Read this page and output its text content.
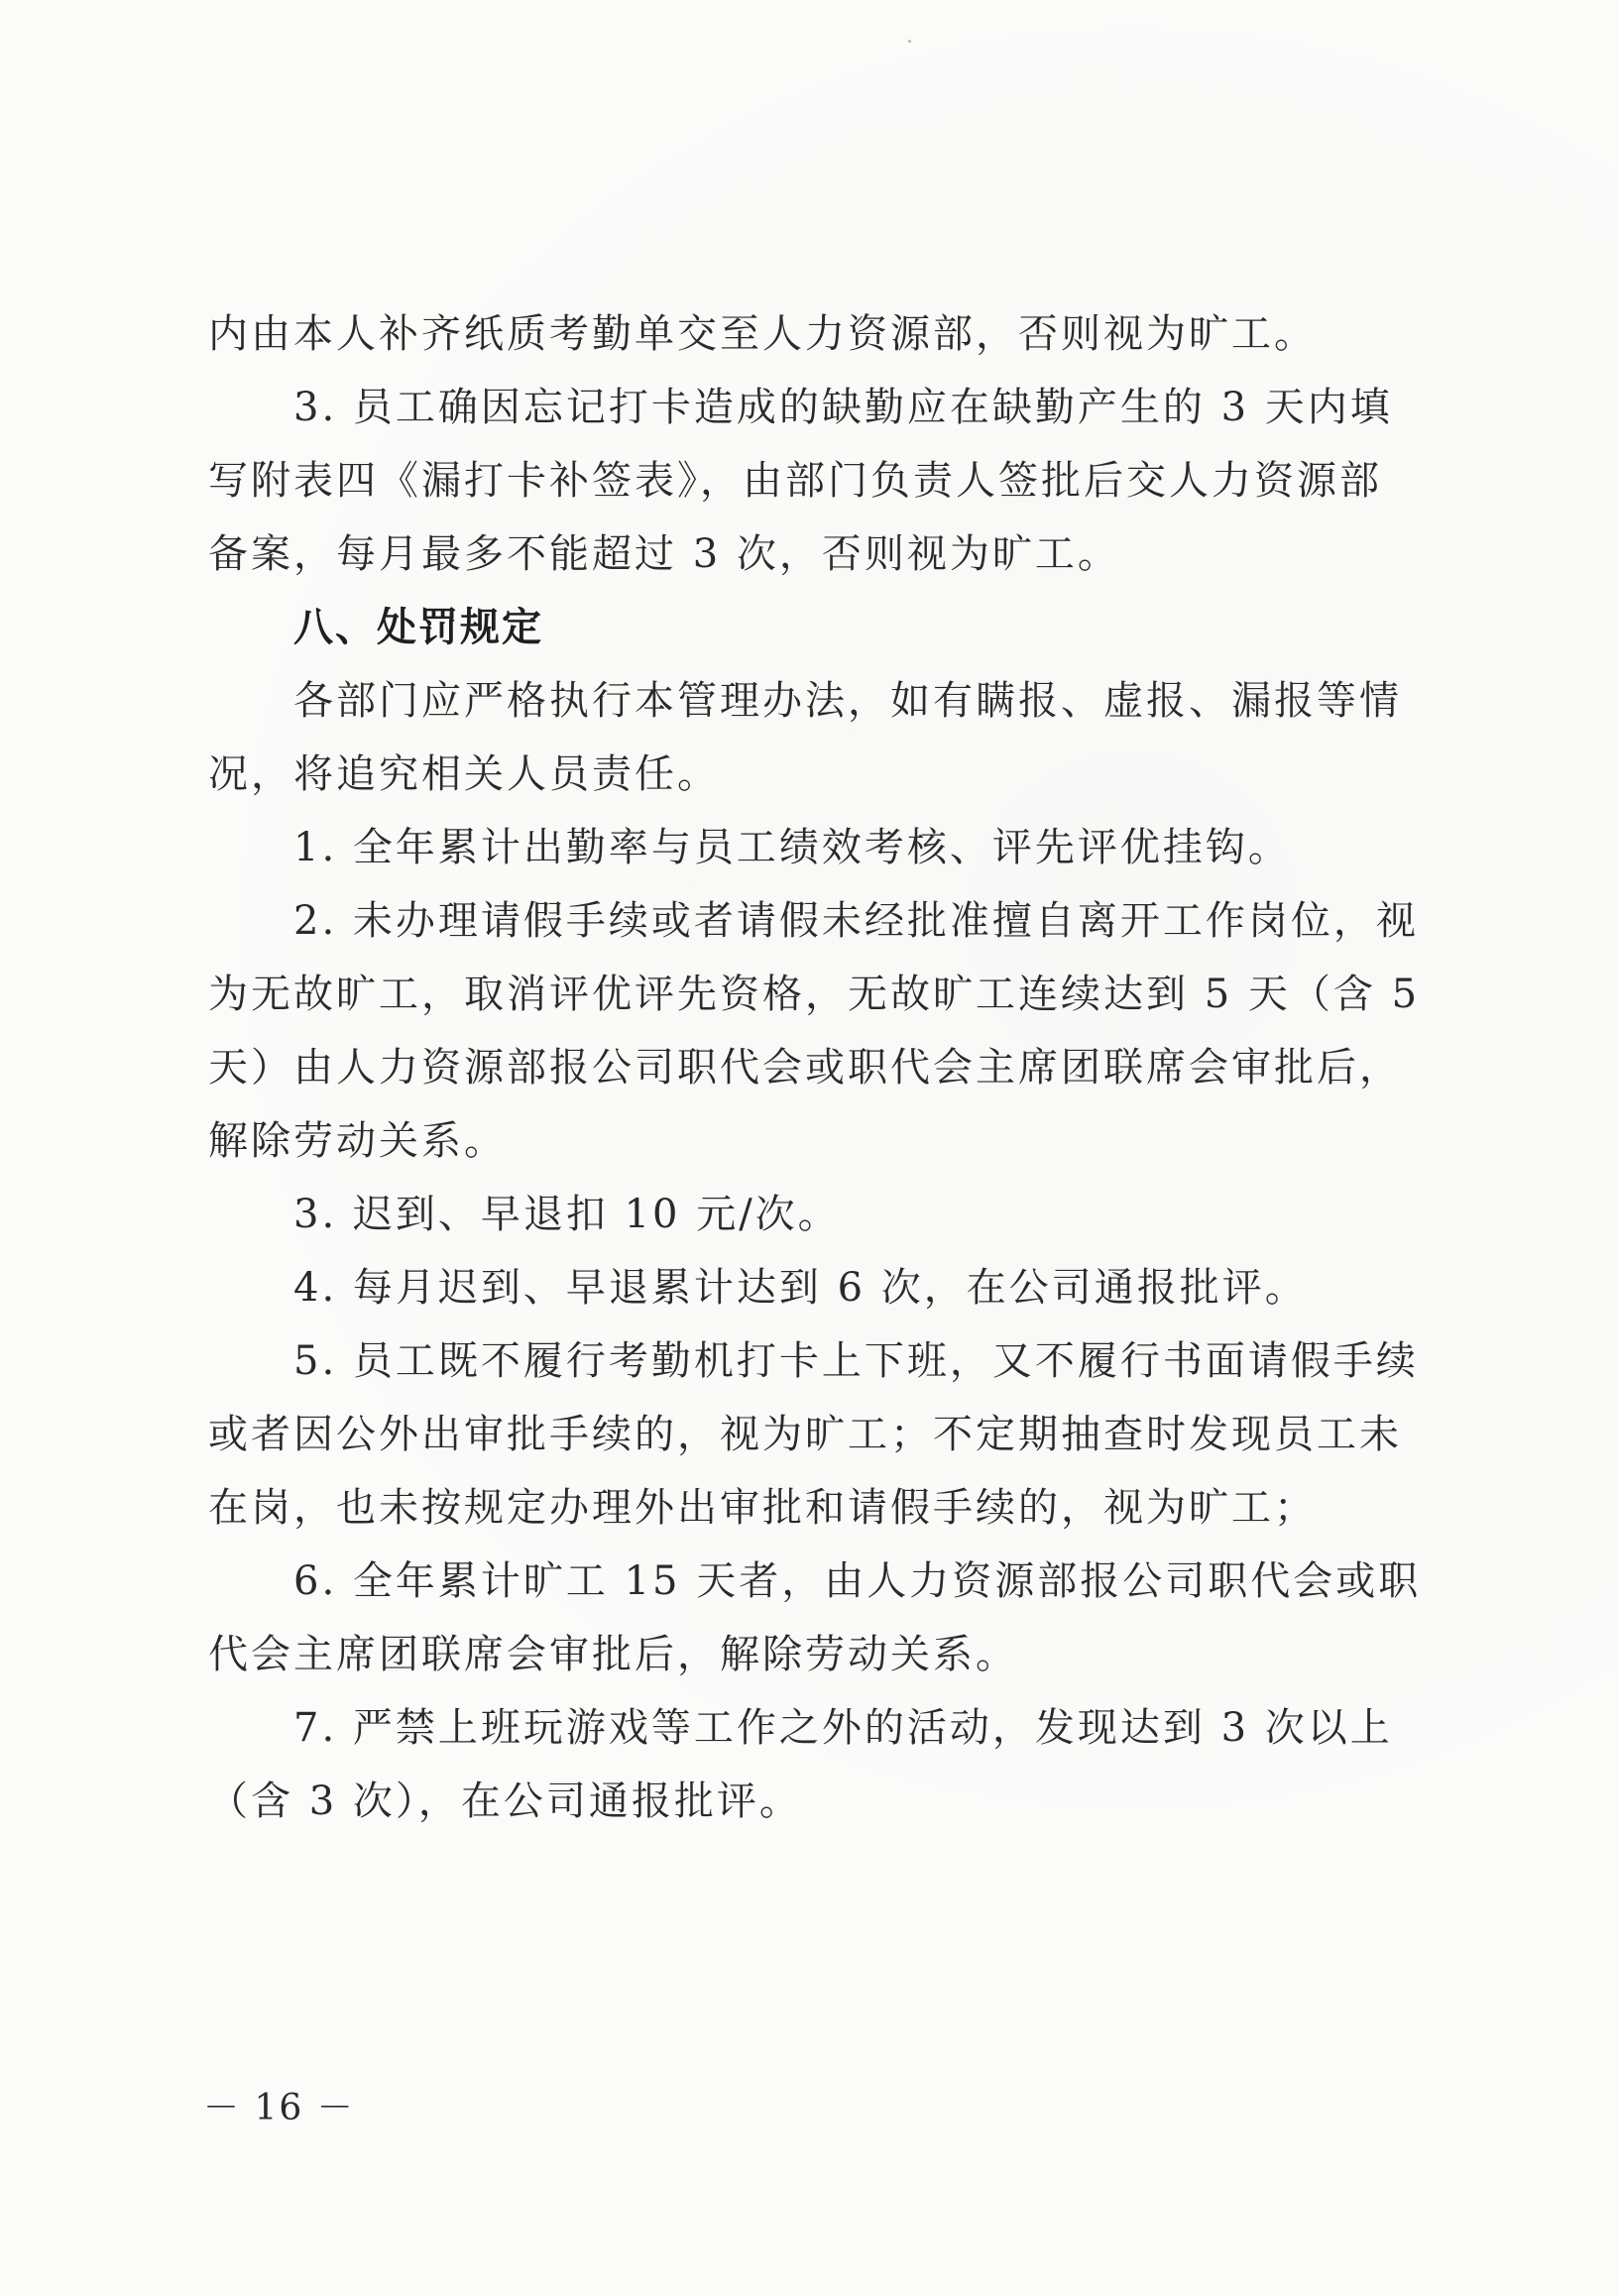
内由本人补齐纸质考勤单交至人力资源部，否则视为旷工。
3. 员工确因忘记打卡造成的缺勤应在缺勤产生的 3 天内填
写附表四《漏打卡补签表》，由部门负责人签批后交人力资源部
备案，每月最多不能超过 3 次，否则视为旷工。
八、处罚规定
各部门应严格执行本管理办法，如有瞒报、虚报、漏报等情
况，将追究相关人员责任。
1. 全年累计出勤率与员工绩效考核、评先评优挂钩。
2. 未办理请假手续或者请假未经批准擅自离开工作岗位，视
为无故旷工，取消评优评先资格，无故旷工连续达到 5 天（含 5
天）由人力资源部报公司职代会或职代会主席团联席会审批后，
解除劳动关系。
3. 迟到、早退扣 10 元/次。
4. 每月迟到、早退累计达到 6 次，在公司通报批评。
5. 员工既不履行考勤机打卡上下班，又不履行书面请假手续
或者因公外出审批手续的，视为旷工；不定期抽查时发现员工未
在岗，也未按规定办理外出审批和请假手续的，视为旷工；
6. 全年累计旷工 15 天者，由人力资源部报公司职代会或职
代会主席团联席会审批后，解除劳动关系。
7. 严禁上班玩游戏等工作之外的活动，发现达到 3 次以上
（含 3 次），在公司通报批评。
－ 16 －
